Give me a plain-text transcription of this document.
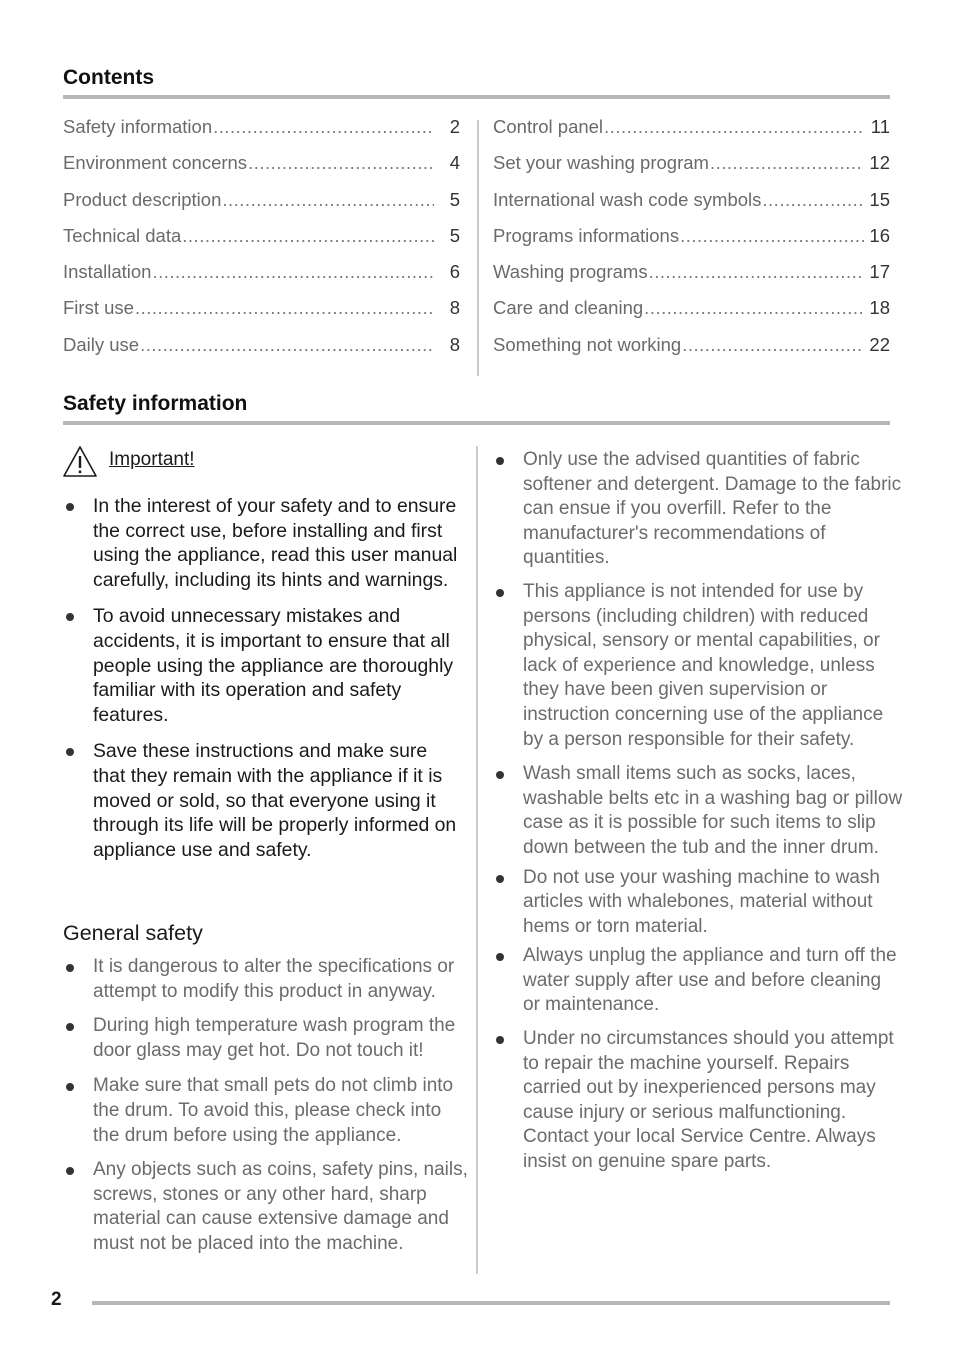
Contents
Safety information .....	2
Environment concerns .....	4
Product description .....	5
Technical data .....	5
Installation .....	6
First use .....	8
Daily use .....	8
Control panel .....	11
Set your washing program .....	12
International wash code symbols .....	15
Programs informations .....	16
Washing programs .....	17
Care and cleaning .....	18
Something not working .....	22
Safety information
Important!
In the interest of your safety and to ensure the correct use, before installing and first using the appliance, read this user manual carefully, including its hints and warnings.
To avoid unnecessary mistakes and accidents, it is important to ensure that all people using the appliance are thoroughly familiar with its operation and safety features.
Save these instructions and make sure that they remain with the appliance if it is moved or sold, so that everyone using it through its life will be properly informed on appliance use and safety.
General safety
It is dangerous to alter the specifications or attempt to modify this product in anyway.
During high temperature wash program the door glass may get hot. Do not touch it!
Make sure that small pets do not climb into the drum. To avoid this, please check into the drum before using the appliance.
Any objects such as coins, safety pins, nails, screws, stones or any other hard, sharp material can cause extensive damage and must not be placed into the machine.
Only use the advised quantities of fabric softener and detergent. Damage to the fabric can ensue if you overfill. Refer to the manufacturer's recommendations of quantities.
This appliance is not intended for use by persons (including children) with reduced physical, sensory or mental capabilities, or lack of experience and knowledge, unless they have been given supervision or instruction concerning use of the appliance by a person responsible for their safety.
Wash small items such as socks, laces, washable belts etc in a washing bag or pillow case as it is possible for such items to slip down between the tub and the inner drum.
Do not use your washing machine to wash articles with whalebones, material without hems or torn material.
Always unplug the appliance and turn off the water supply after use and before cleaning or maintenance.
Under no circumstances should you attempt to repair the machine yourself. Repairs carried out by inexperienced persons may cause injury or serious malfunctioning. Contact your local Service Centre. Always insist on genuine spare parts.
2
